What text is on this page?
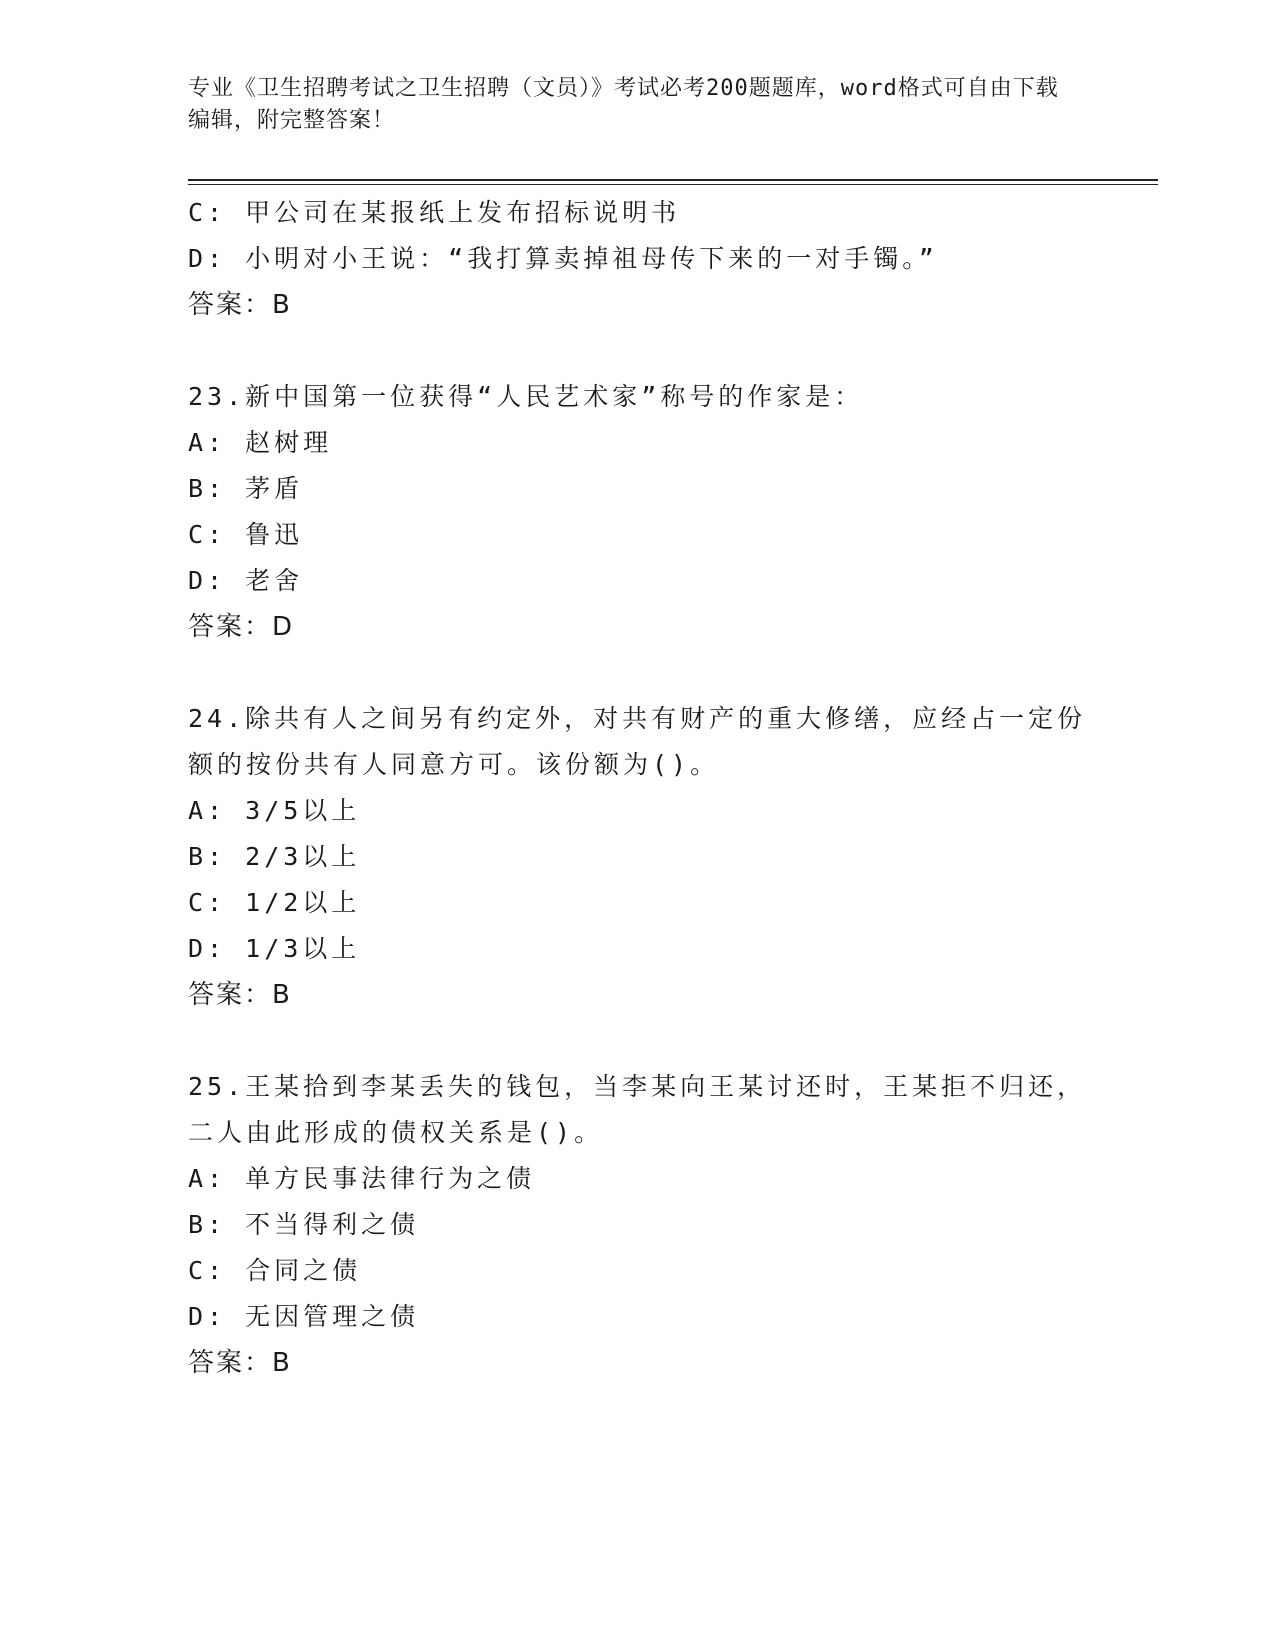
专业《卫生招聘考试之卫生招聘（文员）》考试必考200题题库，word格式可自由下载编辑，附完整答案！
C: 甲公司在某报纸上发布招标说明书
D: 小明对小王说：“我打算卖掉祖母传下来的一对手镯。”
答案：B
23.新中国第一位获得“人民艺术家”称号的作家是：
A: 赵树理
B: 茅盾
C: 鲁迅
D: 老舍
答案：D
24.除共有人之间另有约定外，对共有财产的重大修缮，应经占一定份额的按份共有人同意方可。该份额为()。
A: 3/5以上
B: 2/3以上
C: 1/2以上
D: 1/3以上
答案：B
25.王某拾到李某丢失的钱包，当李某向王某讨还时，王某拒不归还，二人由此形成的债权关系是()。
A: 单方民事法律行为之债
B: 不当得利之债
C: 合同之债
D: 无因管理之债
答案：B
